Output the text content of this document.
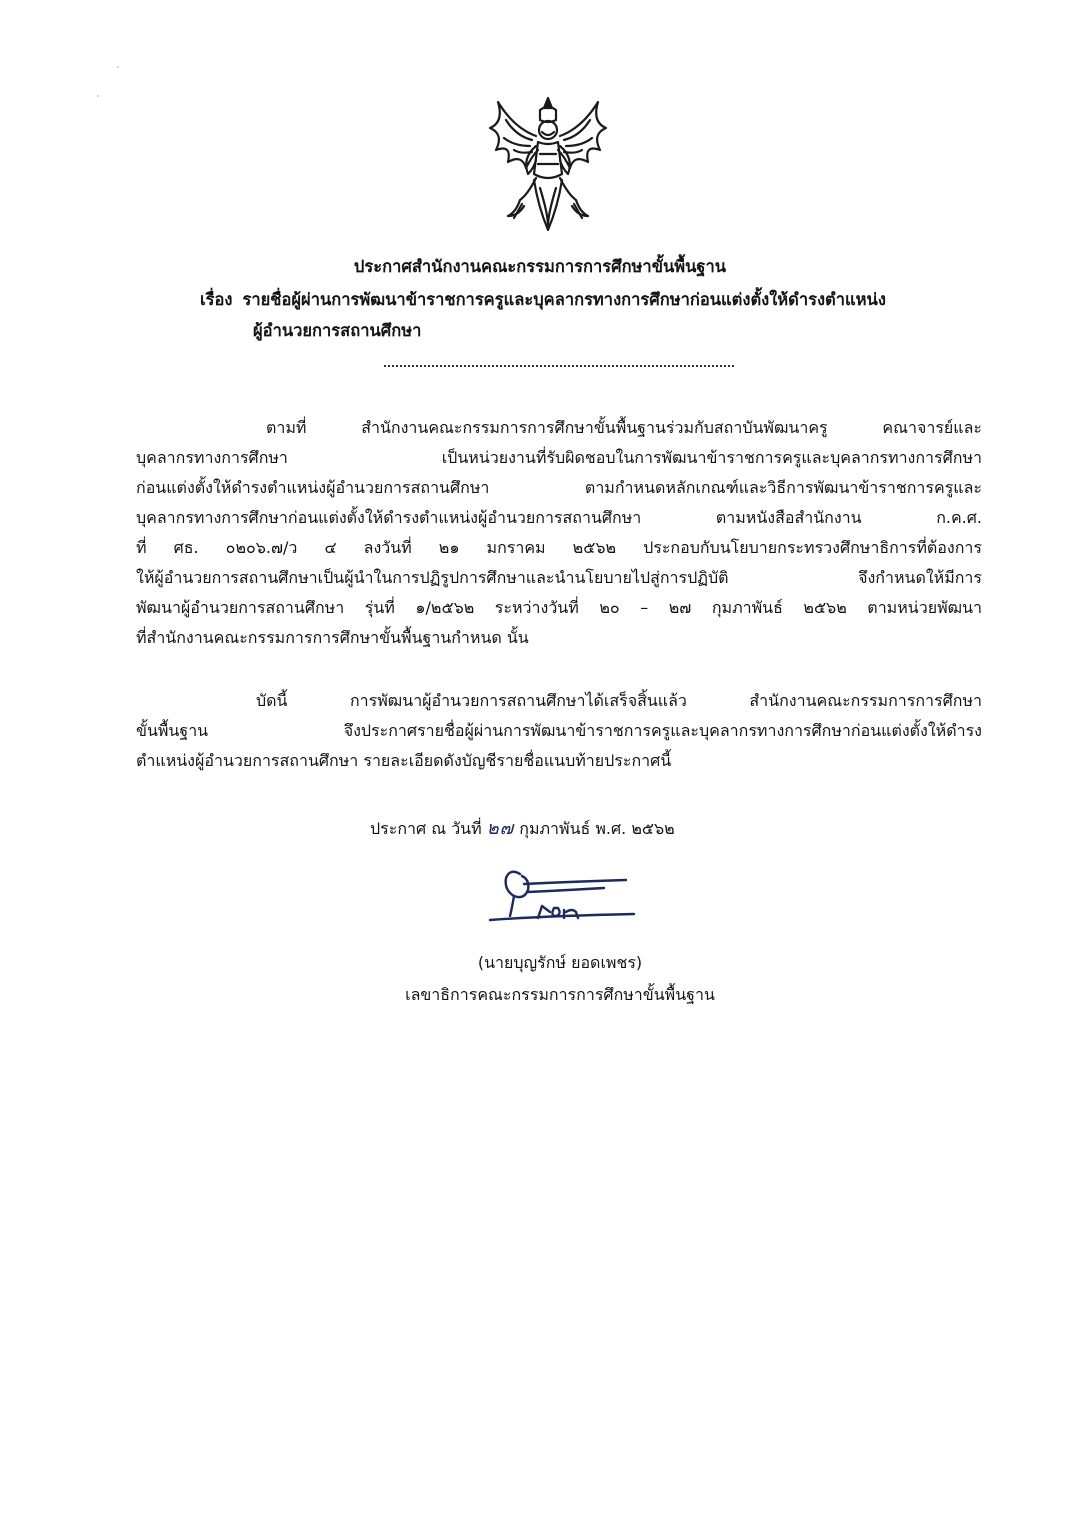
ประกาศสำนักงานคณะกรรมการการศึกษาขั้นพื้นฐาน
เรื่อง รายชื่อผู้ผ่านการพัฒนาข้าราชการครูและบุคลากรทางการศึกษาก่อนแต่งตั้งให้ดำรงตำแหน่ง
ผู้อำนวยการสถานศึกษา
ตามที่ สำนักงานคณะกรรมการการศึกษาขั้นพื้นฐานร่วมกับสถาบันพัฒนาครู คณาจารย์และ
บุคลากรทางการศึกษา เป็นหน่วยงานที่รับผิดชอบในการพัฒนาข้าราชการครูและบุคลากรทางการศึกษา
ก่อนแต่งตั้งให้ดำรงตำแหน่งผู้อำนวยการสถานศึกษา ตามกำหนดหลักเกณฑ์และวิธีการพัฒนาข้าราชการครูและ
บุคลากรทางการศึกษาก่อนแต่งตั้งให้ดำรงตำแหน่งผู้อำนวยการสถานศึกษา ตามหนังสือสำนักงาน ก.ค.ศ.
ที่ ศธ. ๐๒๐๖.๗/ว ๔ ลงวันที่ ๒๑ มกราคม ๒๕๖๒ ประกอบกับนโยบายกระทรวงศึกษาธิการที่ต้องการ
ให้ผู้อำนวยการสถานศึกษาเป็นผู้นำในการปฏิรูปการศึกษาและนำนโยบายไปสู่การปฏิบัติ จึงกำหนดให้มีการ
พัฒนาผู้อำนวยการสถานศึกษา รุ่นที่ ๑/๒๕๖๒ ระหว่างวันที่ ๒๐ – ๒๗ กุมภาพันธ์ ๒๕๖๒ ตามหน่วยพัฒนา
ที่สำนักงานคณะกรรมการการศึกษาขั้นพื้นฐานกำหนด นั้น
บัดนี้ การพัฒนาผู้อำนวยการสถานศึกษาได้เสร็จสิ้นแล้ว สำนักงานคณะกรรมการการศึกษา
ขั้นพื้นฐาน จึงประกาศรายชื่อผู้ผ่านการพัฒนาข้าราชการครูและบุคลากรทางการศึกษาก่อนแต่งตั้งให้ดำรง
ตำแหน่งผู้อำนวยการสถานศึกษา รายละเอียดดังบัญชีรายชื่อแนบท้ายประกาศนี้
ประกาศ ณ วันที่ ๒๗ กุมภาพันธ์ พ.ศ. ๒๕๖๒
(นายบุญรักษ์ ยอดเพชร)
เลขาธิการคณะกรรมการการศึกษาขั้นพื้นฐาน
